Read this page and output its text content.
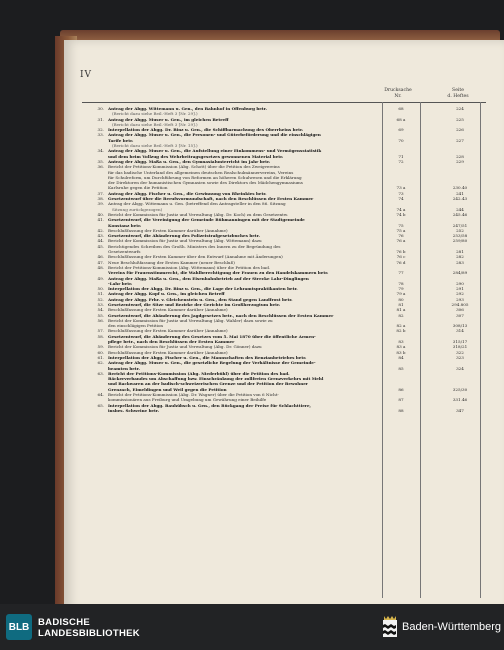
IV
Drucksache
Nr.
Seite
d. Heftes
30. Antrag der Abgg. Wittemann u. Gen., den Bahnhof in Offenburg betr.	68	224
(Bericht dazu siehe Beil.-Heft 3 [Nr. 29].)
31. Antrag der Abgg. Muser u. Gen., im gleichen Betreff	68 a	225
(Bericht dazu siehe Beil.-Heft 3 [Nr. 29].)
32. Interpellation der Abgg. Dr. Binz u. Gen., die Schiffbarmachung des Oberrheins betr.	69	226
33. Antrag der Abgg. Muser u. Gen., die Personen- und Güterbeförderung und die einschlägigen
Tarife betr.	70	227
(Bericht dazu siehe Beil.-Heft 3 [Nr. 15].)
34. Antrag der Abgg. Muser u. Gen., die Aufstellung einer Einkommens- und Vermögensstatistik
und dem beim Vollzug des Wehrbeitragsgesetzes gewonnenen Material betr.	71	228
35. Antrag der Abgg. Maßa u. Gen., den Gymnasialunterricht im Jahr betr.	72	229
36. Bericht der Petitions-Kommission (Abg. Schott) über die Petition des Zweigvereins
für das badische Unterland des allgemeinen deutschen Realschulmännervereins, Vereins
für Schulreform, um Durchführung von Reformen an höheren Schulwesen und die Erklärung
der Direktoren der humanistischen Gymnasien sowie des Direktors des Mädchengymnasiums
Karlsruhe gegen die Petition	73 a	230.40
37. Antrag der Abgg. Fischer u. Gen., die Gewinnung von Rheinkies betr.	73	241
38. Gesetzentwurf über die Berufsvormundschaft, nach den Beschlüssen der Ersten Kammer	74	242.43
39. Antrag der Abgg. Wittemann u. Gen. (betreffend den Antragsteller in den 86. Sitzung
Sitzung zurückgezogen)	74 a	244
40. Bericht der Kommission für Justiz und Verwaltung (Abg. Dr. Koch) zu dem Gesetzentw.	74 b	245.46
41. Gesetzentwurf, die Vereinigung der Gemeinde Rühmanningen mit der Stadtgemeinde
Konstanz betr.	75	247/51
42. Beschlußfassung der Ersten Kammer darüber (Annahme)	75 a	252
43. Gesetzentwurf, die Abänderung des Polizeistrafgesetzbuches betr.	76	253/58
44. Bericht der Kommission für Justiz und Verwaltung (Abg. Wittemann) dazu	76 a	259/80
45. Berichtigendes Schreiben des Großh. Ministers des Innern zu der Begründung des
Gesetzentwurfs	76 b	281
46. Beschlußfassung der Ersten Kammer über den Entwurf (Annahme mit Änderungen)	76 c	282
47. Neue Beschlußfassung der Ersten Kammer (neuer Beschluß)	76 d	283
48. Bericht der Petitions-Kommission (Abg. Wittemann) über die Petition des bad.
Vereins für Frauenstimmrecht, die Wahlberechtigung der Frauen zu den Handelskammern betr.	77	284/89
49. Antrag der Abgg. Maßa u. Gen., den Eisenbahnbetrieb auf der Strecke Lahr-Dinglingen
-Lahr betr.	78	290
50. Interpellation der Abgg. Dr. Binz u. Gen., die Lage der Lehramtspraktikanten betr.	79	291
51. Antrag der Abgg. Kopf u. Gen., im gleichen Betreff	79 a	292
52. Antrag der Abgg. Frhr. v. Gleichenstein u. Gen., den Stand gegen Landfrost betr.	80	293
53. Gesetzentwurf, die Sitze und Bezirke der Gerichte im Großherzogtum betr.	81	294.805
54. Beschlußfassung der Ersten Kammer darüber (Annahme)	81 a	306
55. Gesetzentwurf, die Abänderung des Jagdgesetzes betr., nach den Beschlüssen der Ersten Kammer	82	307
56. Bericht der Kommission für Justiz und Verwaltung (Abg. Wahler) dazu sowie zu
den einschlägigen Petition	82 a	308/13
57. Beschlußfassung der Ersten Kammer darüber (Annahme)	82 b	314
58. Gesetzentwurf, die Abänderung des Gesetzes vom 5. Mai 1870 über die öffentliche Armen-
pflege betr., nach den Beschlüssen der Ersten Kammer	83	315/17
59. Bericht der Kommission für Justiz und Verwaltung (Abg. Dr. Gönner) dazu	83 a	318/21
60. Beschlußfassung der Ersten Kammer darüber (Annahme)	83 b	322
61. Interpellation der Abgg. Fischer u. Gen., die Mannschaften des Benzianbetriebes betr.	84	323
62. Antrag der Abgg. Muser u. Gen., die gesetzliche Regelung der Verhältnisse der Gemeinde-
beamten betr.	85	324
63. Bericht der Petitions-Kommission (Abg. Niederbühl) über die Petition des bad.
Bäckerverbandes um Abschaffung bzw. Einschränkung der zollfreien Grenzverkehrs mit Mehl
und Backwaren an der badisch-schweizerischen Grenze und der Petition der Bewohner
Grenzach, Eimeldingen und Weil gegen die Petition	86	325/30
64. Bericht der Petitions-Kommission (Abg. Dr. Wagner) über die Petition von 6 Nicht-
kommissionären aus Freiburg und Umgebung um Gewährung einer Beihilfe	87	331.46
65. Interpellation der Abgg. Bauhübsch u. Gen., den Rückgang der Preise für Schlachttiere,
insbes. Schweine betr.	88	347
BLB BADISCHE
LANDESBIBLIOTHEK
Baden-Württemberg
